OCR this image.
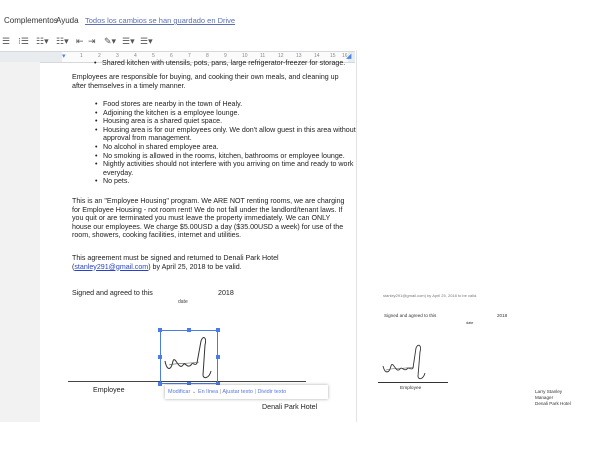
Complementos
Ayuda Todos los cambios se han guardado en Drive
☰ ⁝☰ ☷▾ ☷▾ ⇤ ⇥ ✎▾ ☰▾ ☰▾
▾	◢
1	2	3	4	5	6	7	8	9	10 11	12 13 14 15 16
• Shared kitchen with utensils, pots, pans, large refrigerator-freezer for storage.

Employees are responsible for buying, and cooking their own meals, and cleaning up after themselves in a timely manner.

• Food stores are nearby in the town of Healy.
• Adjoining the kitchen is a employee lounge.
• Housing area is a shared quiet space.
• Housing area is for our employees only. We don't allow guest in this area without approval from management.
• No alcohol in shared employee area.
• No smoking is allowed in the rooms, kitchen, bathrooms or employee lounge.
• Nightly activities should not interfere with you arriving on time and ready to work everyday.
• No pets.

This is an "Employee Housing" program. We ARE NOT renting rooms, we are charging for Employee Housing - not room rent! We do not fall under the landlord/tenant laws. If you quit or are terminated you must leave the property immediately. We can ONLY house our employees. We charge $5.00USD a day ($35.00USD a week) for use of the room, showers, cooking facilities, internet and utilities.

This agreement must be signed and returned to Denali Park Hotel (stanley291@gmail.com) by April 25, 2018 to be valid.

Signed and agreed to this	2018
date
Employee
Denali Park Hotel
Modificar ⌄ En línea | Ajustar texto | Dividir texto
stanley291@gmail.com) by April 25, 2018 to be valid.
Signed and agreed to this	2018
date
Employee
Larry Stanley
Manager
Denali Park Hotel
